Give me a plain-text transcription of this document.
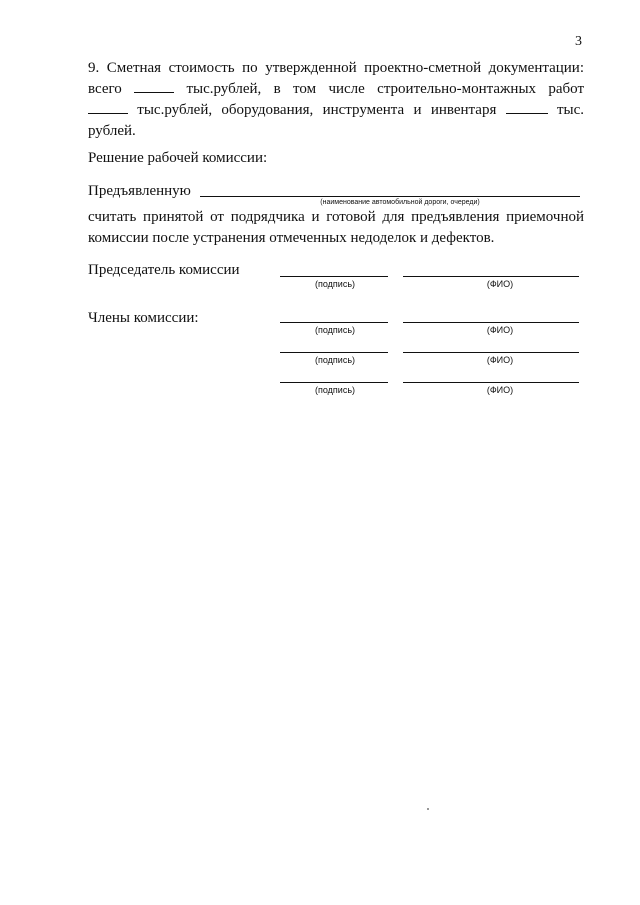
3
9. Сметная стоимость по утвержденной проектно-сметной документации:
всего	тыс.рублей, в том числе строительно-монтажных работ
тыс.рублей, оборудования, инструмента и инвентаря	тыс.
рублей.
Решение рабочей комиссии:
Предъявленную
(наименование автомобильной дороги, очереди)
считать принятой от подрядчика и готовой для предъявления приемочной
комиссии после устранения отмеченных недоделок и дефектов.
Председатель комиссии
(подпись)	(ФИО)
Члены комиссии:
(подпись)	(ФИО)
(подпись)	(ФИО)
(подпись)	(ФИО)
